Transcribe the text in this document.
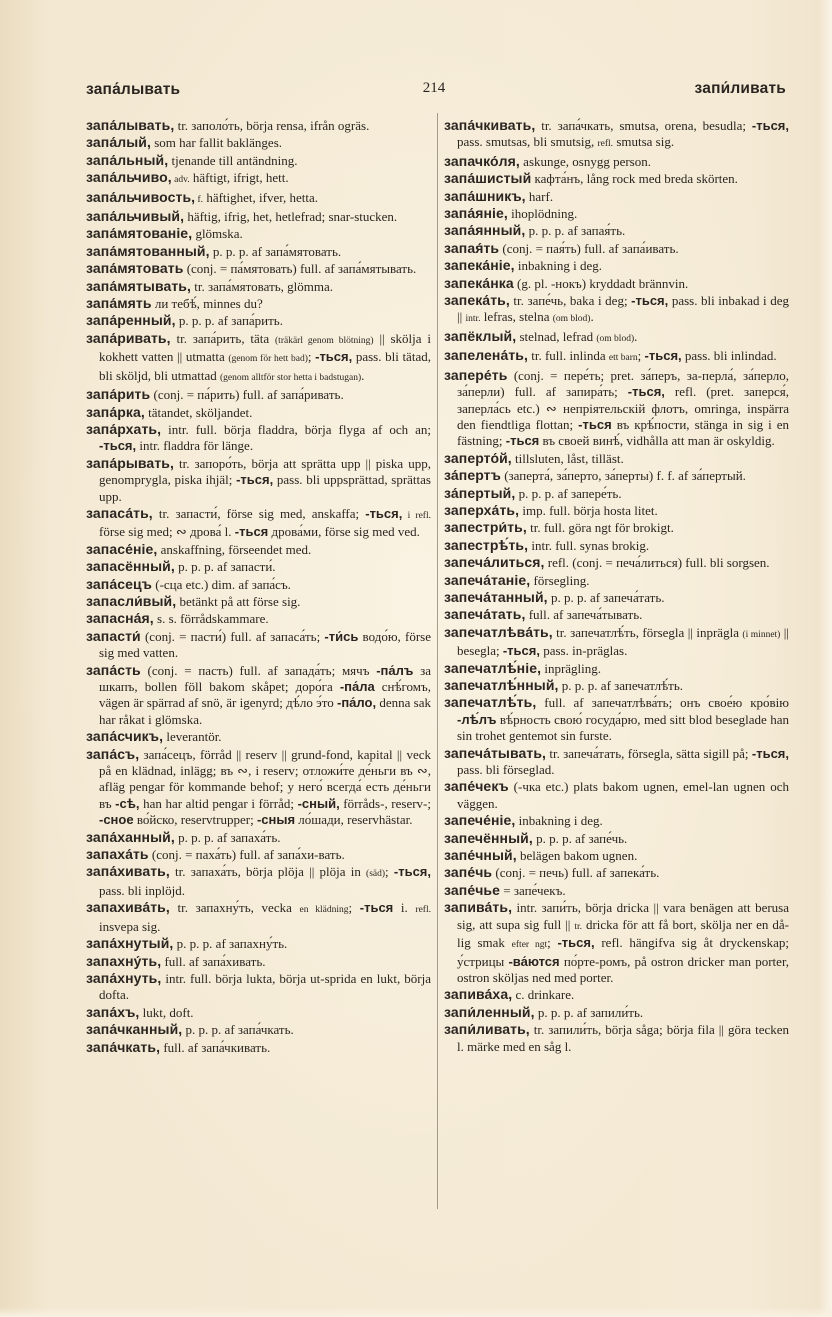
запа́лывать	214	запи́ливать
запа́лывать, tr. заполо́ть, börja rensa, ifrån ogräs.
запа́лый, som har fallit baklänges.
запа́льный, tjenande till antändning.
запа́льчиво, adv. häftigt, ifrigt, hett.
запа́льчивость, f. häftighet, ifver, hetta.
запа́льчивый, häftig, ifrig, het, hetlefrad; snar-stucken.
запа́мятованіе, glömska.
запа́мятованный, p. p. p. af запа́мятовать.
запа́мятовать (conj. = па́мятовать) full. af запа́мятывать.
запа́мятывать, tr. запа́мятовать, glömma.
запа́мять ли тебѣ́, minnes du?
запа́ренный, p. p. p. af запа́рить.
запа́ривать, tr. запа́рить, täta (träkärl genom blötning) || skölja i kokhett vatten || utmatta (genom för hett bad); -ться, pass. bli tätad, bli sköljd, bli utmattad (genom alltför stor hetta i badstugan).
запа́рить (conj. = па́рить) full. af запа́ривать.
запа́рка, tätandet, sköljandet.
запа́рхать, intr. full. börja fladdra, börja flyga af och an; -ться, intr. fladdra för länge.
запа́рывать, tr. запоро́ть, börja att sprätta upp || piska upp, genomprygla, piska ihjäl; -ться, pass. bli uppsprättad, sprättas upp.
запаса́ть, tr. запасти́, förse sig med, anskaffa; -ться, i refl. förse sig med; ∾ дрова́ l. -ться дрова́ми, förse sig med ved.
запасе́ніе, anskaffning, förseendet med.
запасённый, p. p. p. af запасти́.
запа́сецъ (-сца etc.) dim. af запа́съ.
запасли́вый, betänkt på att förse sig.
запасна́я, s. s. förrådskammare.
запасти́ (conj. = пасти́) full. af запаса́ть; -ти́сь водо́ю, förse sig med vatten.
запа́сть (conj. = пасть) full. af запада́ть; мячъ -па́лъ за шкапъ, bollen föll bakom skåpet; доро́га -па́ла снѣ́гомъ, vägen är spärrad af snö, är igenyrd; дѣ́ло э́то -па́ло, denna sak har råkat i glömska.
запа́счикъ, leverantör.
запа́съ, запа́сецъ, förråd || reserv || grund-fond, kapital || veck på en klädnad, inlägg; въ ∾, i reserv; отложи́те де́ньги въ ∾, afläg pengar för kommande behof; у него́ всегда́ есть де́ньги въ -сѣ, han har altid pengar i förråd; -сный, förråds-, reserv-; -сное во́йско, reservtrupper; -сныя ло́шади, reservhästar.
запа́ханный, p. p. p. af запаха́ть.
запаха́ть (conj. = паха́ть) full. af запа́хи-вать.
запа́хивать, tr. запаха́ть, börja plöja || plöja in (säd); -ться, pass. bli inplöjd.
запахива́ть, tr. запахну́ть, vecka en klädning; -ться i. refl. insvepa sig.
запа́хнутый, p. p. p. af запахну́ть.
запахну́ть, full. af запа́хивать.
запа́хнуть, intr. full. börja lukta, börja ut-sprida en lukt, börja dofta.
запа́хъ, lukt, doft.
запа́чканный, p. p. p. af запа́чкать.
запа́чкать, full. af запа́чкивать.
запа́чкивать, tr. запа́чкать, smutsa, orena, besudla; -ться, pass. smutsas, bli smutsig, refl. smutsa sig.
запачко́ля, askunge, osnygg person.
запа́шистый кафта́нъ, lång rock med breda skörten.
запа́шникъ, harf.
запа́яніе, ihoplödning.
запа́янный, p. p. p. af запая́ть.
запая́ть (conj. = пая́ть) full. af запа́ивать.
запека́ніе, inbakning i deg.
запека́нка (g. pl. -нокъ) kryddadt brännvin.
запека́ть, tr. запе́чь, baka i deg; -ться, pass. bli inbakad i deg || intr. lefras, stelna (om blod).
запёклый, stelnad, lefrad (om blod).
запелена́ть, tr. full. inlinda ett barn; -ться, pass. bli inlindad.
запере́ть (conj. = пере́ть; pret. за́перъ, за-перла́, за́перло, за́перли) full. af запира́ть; -ться, refl. (pret. заперся́, заперла́сь etc.) ∾ непріятельскій флотъ, omringa, inspärra den fiendtliga flottan; -ться въ крѣ́пости, stänga in sig i en fästning; -ться въ своей винѣ́, vidhålla att man är oskyldig.
заперто́й, tillsluten, låst, tilläst.
за́пертъ (заперта́, за́перто, за́перты) f. f. af за́пертый.
за́пертый, p. p. p. af запере́ть.
заперха́ть, imp. full. börja hosta litet.
запестри́ть, tr. full. göra ngt för brokigt.
запестрѣ́ть, intr. full. synas brokig.
запеча́литься, refl. (conj. = печа́литься) full. bli sorgsen.
запеча́таніе, försegling.
запеча́танный, p. p. p. af запеча́тать.
запеча́тать, full. af запеча́тывать.
запечатлѣва́ть, tr. запечатлѣ́ть, försegla || inprägla (i minnet) || besegla; -ться, pass. in-präglas.
запечатлѣ́ніе, inprägling.
запечатлѣ́нный, p. p. p. af запечатлѣ́ть.
запечатлѣ́ть, full. af запечатлѣва́ть; онъ свое́ю кро́вію -лѣ́лъ вѣ́рность свою́ госуда́рю, med sitt blod beseglade han sin trohet gentemot sin furste.
запеча́тывать, tr. запеча́тать, försegla, sätta sigill på; -ться, pass. bli förseglad.
запе́чекъ (-чка etc.) plats bakom ugnen, emel-lan ugnen och väggen.
запече́ніе, inbakning i deg.
запечённый, p. p. p. af запе́чь.
запе́чный, belägen bakom ugnen.
запе́чь (conj. = печь) full. af запека́ть.
запе́чье = запе́чекъ.
запива́ть, intr. запи́ть, börja dricka || vara benägen att berusa sig, att supa sig full || tr. dricka för att få bort, skölja ner en då-lig smak efter ngt; -ться, refl. hängifva sig åt dryckenskap; у́стрицы -ва́ются по́рте-ромъ, på ostron dricker man porter, ostron sköljas ned med porter.
запива́ха, c. drinkare.
запи́ленный, p. p. p. af запили́ть.
запи́ливать, tr. запили́ть, börja såga; börja fila || göra tecken l. märke med en såg l.
